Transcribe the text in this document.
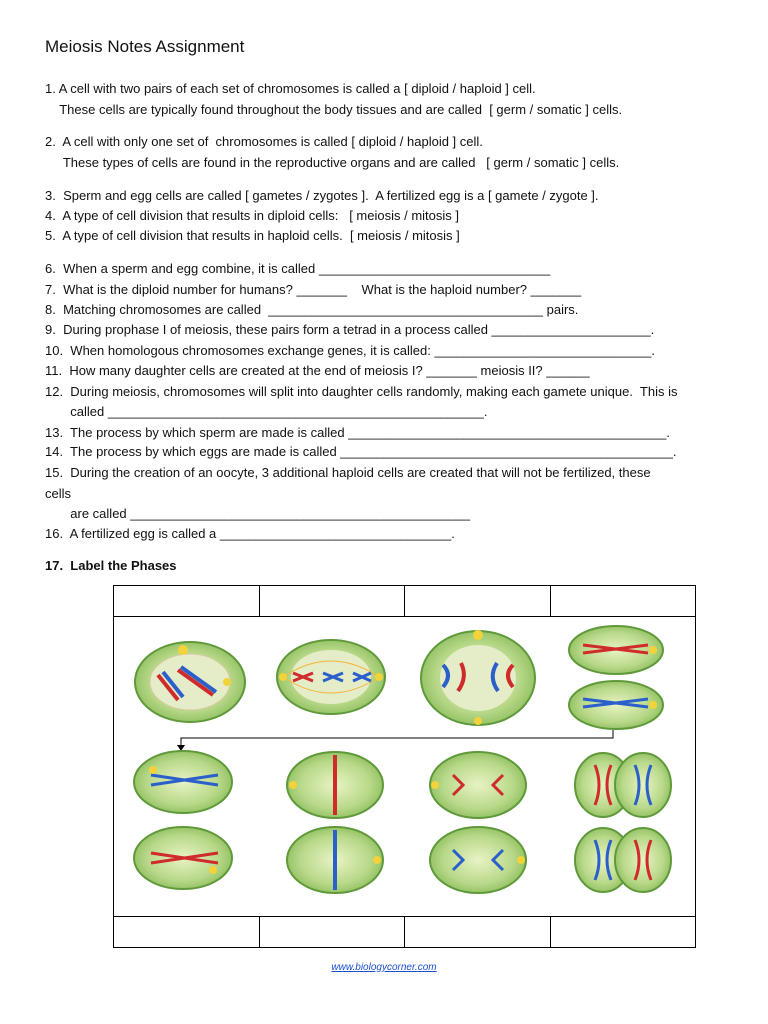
Meiosis Notes Assignment
1. A cell with two pairs of each set of chromosomes is called a [ diploid / haploid ] cell.
These cells are typically found throughout the body tissues and are called  [ germ / somatic ] cells.
2.  A cell with only one set of  chromosomes is called [ diploid / haploid ] cell.
These types of cells are found in the reproductive organs and are called   [ germ / somatic ] cells.
3.  Sperm and egg cells are called [ gametes / zygotes ].  A fertilized egg is a [ gamete / zygote ].
4.  A type of cell division that results in diploid cells:   [ meiosis / mitosis ]
5.  A type of cell division that results in haploid cells.  [ meiosis / mitosis ]
6.  When a sperm and egg combine, it is called ________________________________
7.  What is the diploid number for humans? _______    What is the haploid number? _______
8.  Matching chromosomes are called  ______________________________________ pairs.
9.  During prophase I of meiosis, these pairs form a tetrad in a process called ______________________.
10.  When homologous chromosomes exchange genes, it is called: ______________________________.
11.  How many daughter cells are created at the end of meiosis I? _______ meiosis II? ______
12.  During meiosis, chromosomes will split into daughter cells randomly, making each gamete unique.  This is
called ____________________________________________________.
13.  The process by which sperm are made is called ____________________________________________.
14.  The process by which eggs are made is called ______________________________________________.
15.  During the creation of an oocyte, 3 additional haploid cells are created that will not be fertilized, these
cells
are called _______________________________________________
16.  A fertilized egg is called a ________________________________.
17.  Label the Phases
www.biologycorner.com
